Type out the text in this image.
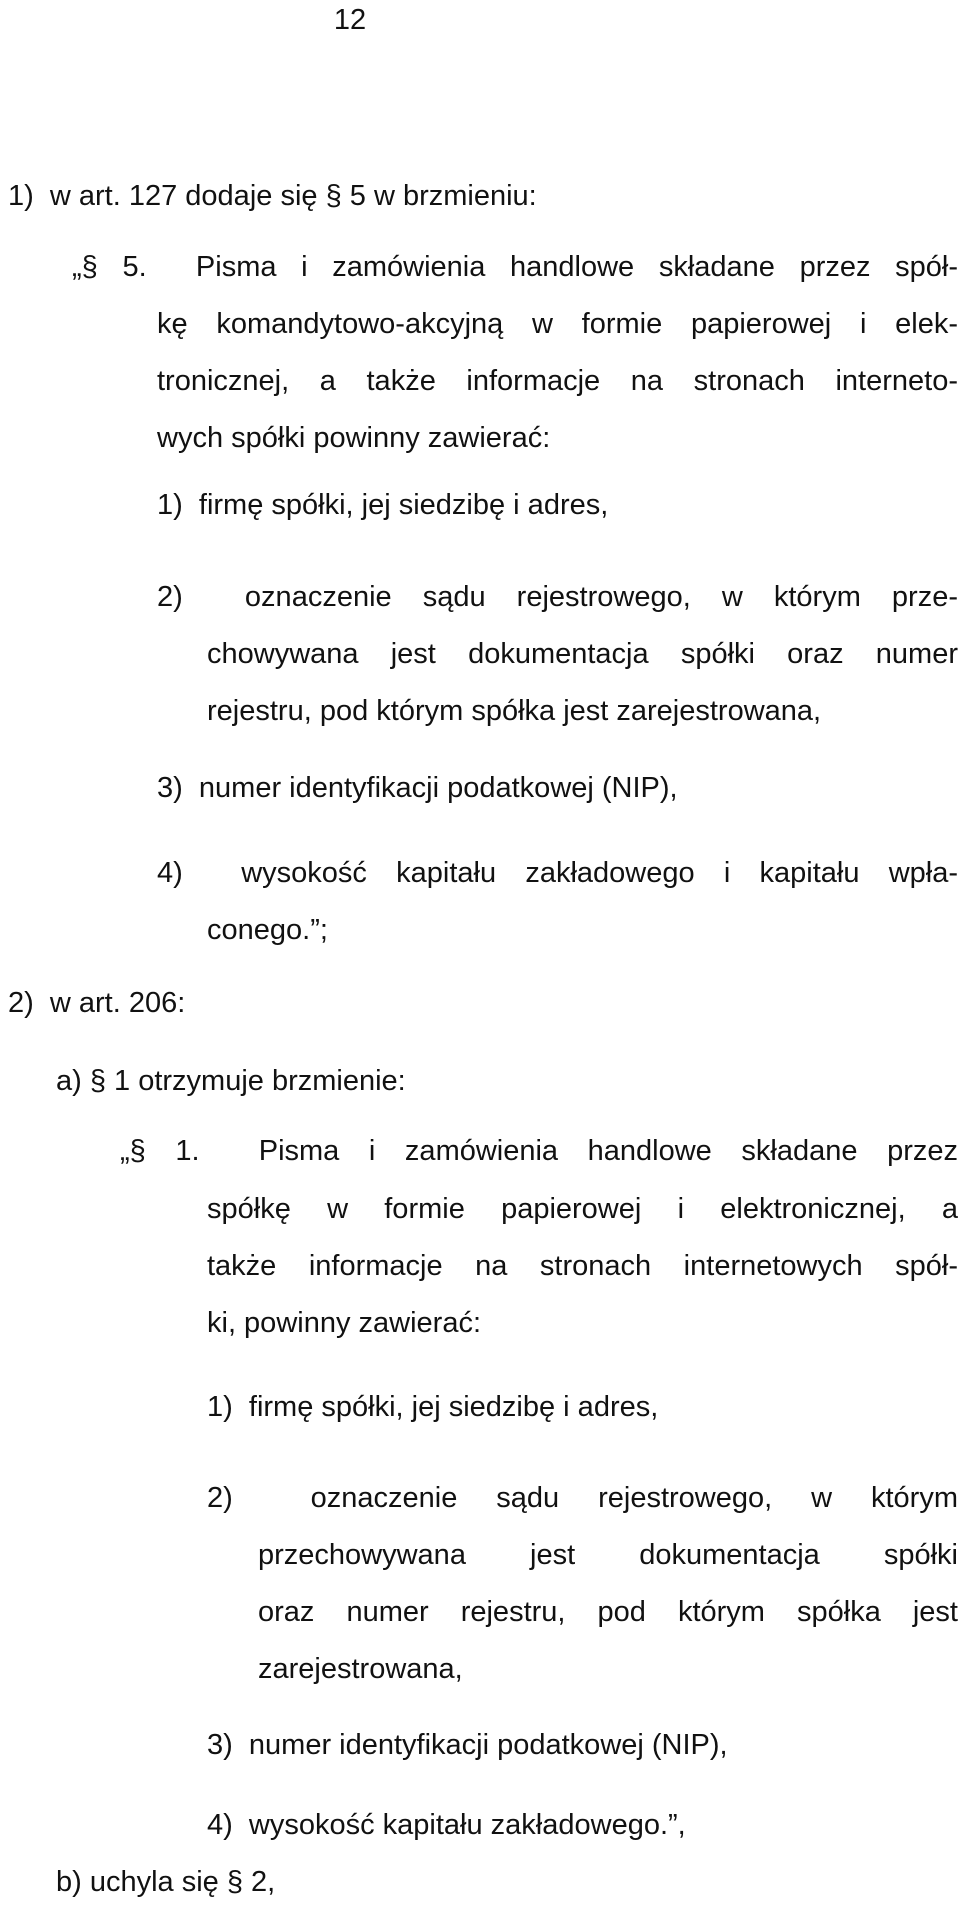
12
1)  w art. 127 dodaje się § 5 w brzmieniu:
„§ 5.  Pisma i zamówienia handlowe składane przez spół-
kę komandytowo-akcyjną w formie papierowej i elek-
tronicznej, a także informacje na stronach interneto-
wych spółki powinny zawierać:
1)  firmę spółki, jej siedzibę i adres,
2)  oznaczenie sądu rejestrowego, w którym prze-
chowywana jest dokumentacja spółki oraz numer
rejestru, pod którym spółka jest zarejestrowana,
3)  numer identyfikacji podatkowej (NIP),
4)  wysokość kapitału zakładowego i kapitału wpła-
conego.”;
2)  w art. 206:
a) § 1 otrzymuje brzmienie:
„§ 1.  Pisma i zamówienia handlowe składane przez
spółkę w formie papierowej i elektronicznej, a
także informacje na stronach internetowych spół-
ki, powinny zawierać:
1)  firmę spółki, jej siedzibę i adres,
2)  oznaczenie sądu rejestrowego, w którym
przechowywana jest dokumentacja spółki
oraz numer rejestru, pod którym spółka jest
zarejestrowana,
3)  numer identyfikacji podatkowej (NIP),
4)  wysokość kapitału zakładowego.”,
b) uchyla się § 2,
